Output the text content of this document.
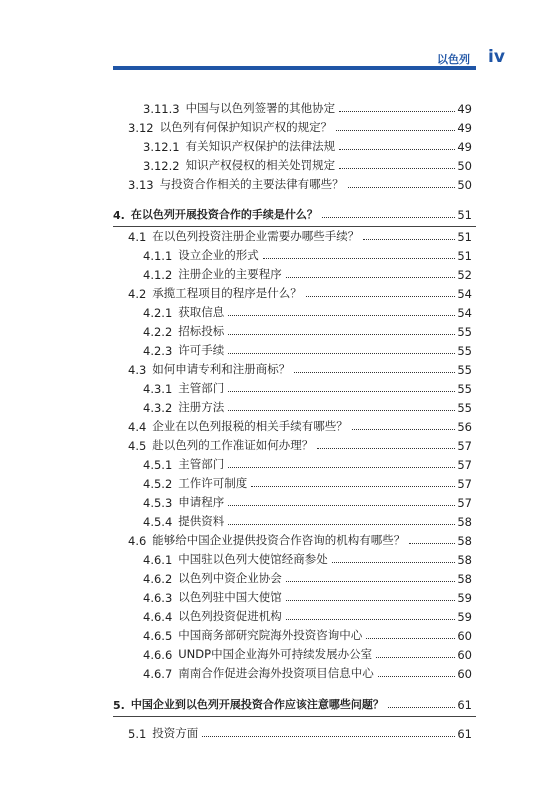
以色列 iv
3.11.3 中国与以色列签署的其他协定	49
3.12 以色列有何保护知识产权的规定？	49
3.12.1 有关知识产权保护的法律法规	49
3.12.2 知识产权侵权的相关处罚规定	50
3.13 与投资合作相关的主要法律有哪些？	50
4. 在以色列开展投资合作的手续是什么？	51
4.1 在以色列投资注册企业需要办哪些手续？	51
4.1.1 设立企业的形式	51
4.1.2 注册企业的主要程序	52
4.2 承揽工程项目的程序是什么？	54
4.2.1 获取信息	54
4.2.2 招标投标	55
4.2.3 许可手续	55
4.3 如何申请专利和注册商标？	55
4.3.1 主管部门	55
4.3.2 注册方法	55
4.4 企业在以色列报税的相关手续有哪些？	56
4.5 赴以色列的工作准证如何办理？	57
4.5.1 主管部门	57
4.5.2 工作许可制度	57
4.5.3 申请程序	57
4.5.4 提供资料	58
4.6 能够给中国企业提供投资合作咨询的机构有哪些？	58
4.6.1 中国驻以色列大使馆经商参处	58
4.6.2 以色列中资企业协会	58
4.6.3 以色列驻中国大使馆	59
4.6.4 以色列投资促进机构	59
4.6.5 中国商务部研究院海外投资咨询中心	60
4.6.6 UNDP中国企业海外可持续发展办公室	60
4.6.7 南南合作促进会海外投资项目信息中心	60
5. 中国企业到以色列开展投资合作应该注意哪些问题？	61
5.1 投资方面	61
